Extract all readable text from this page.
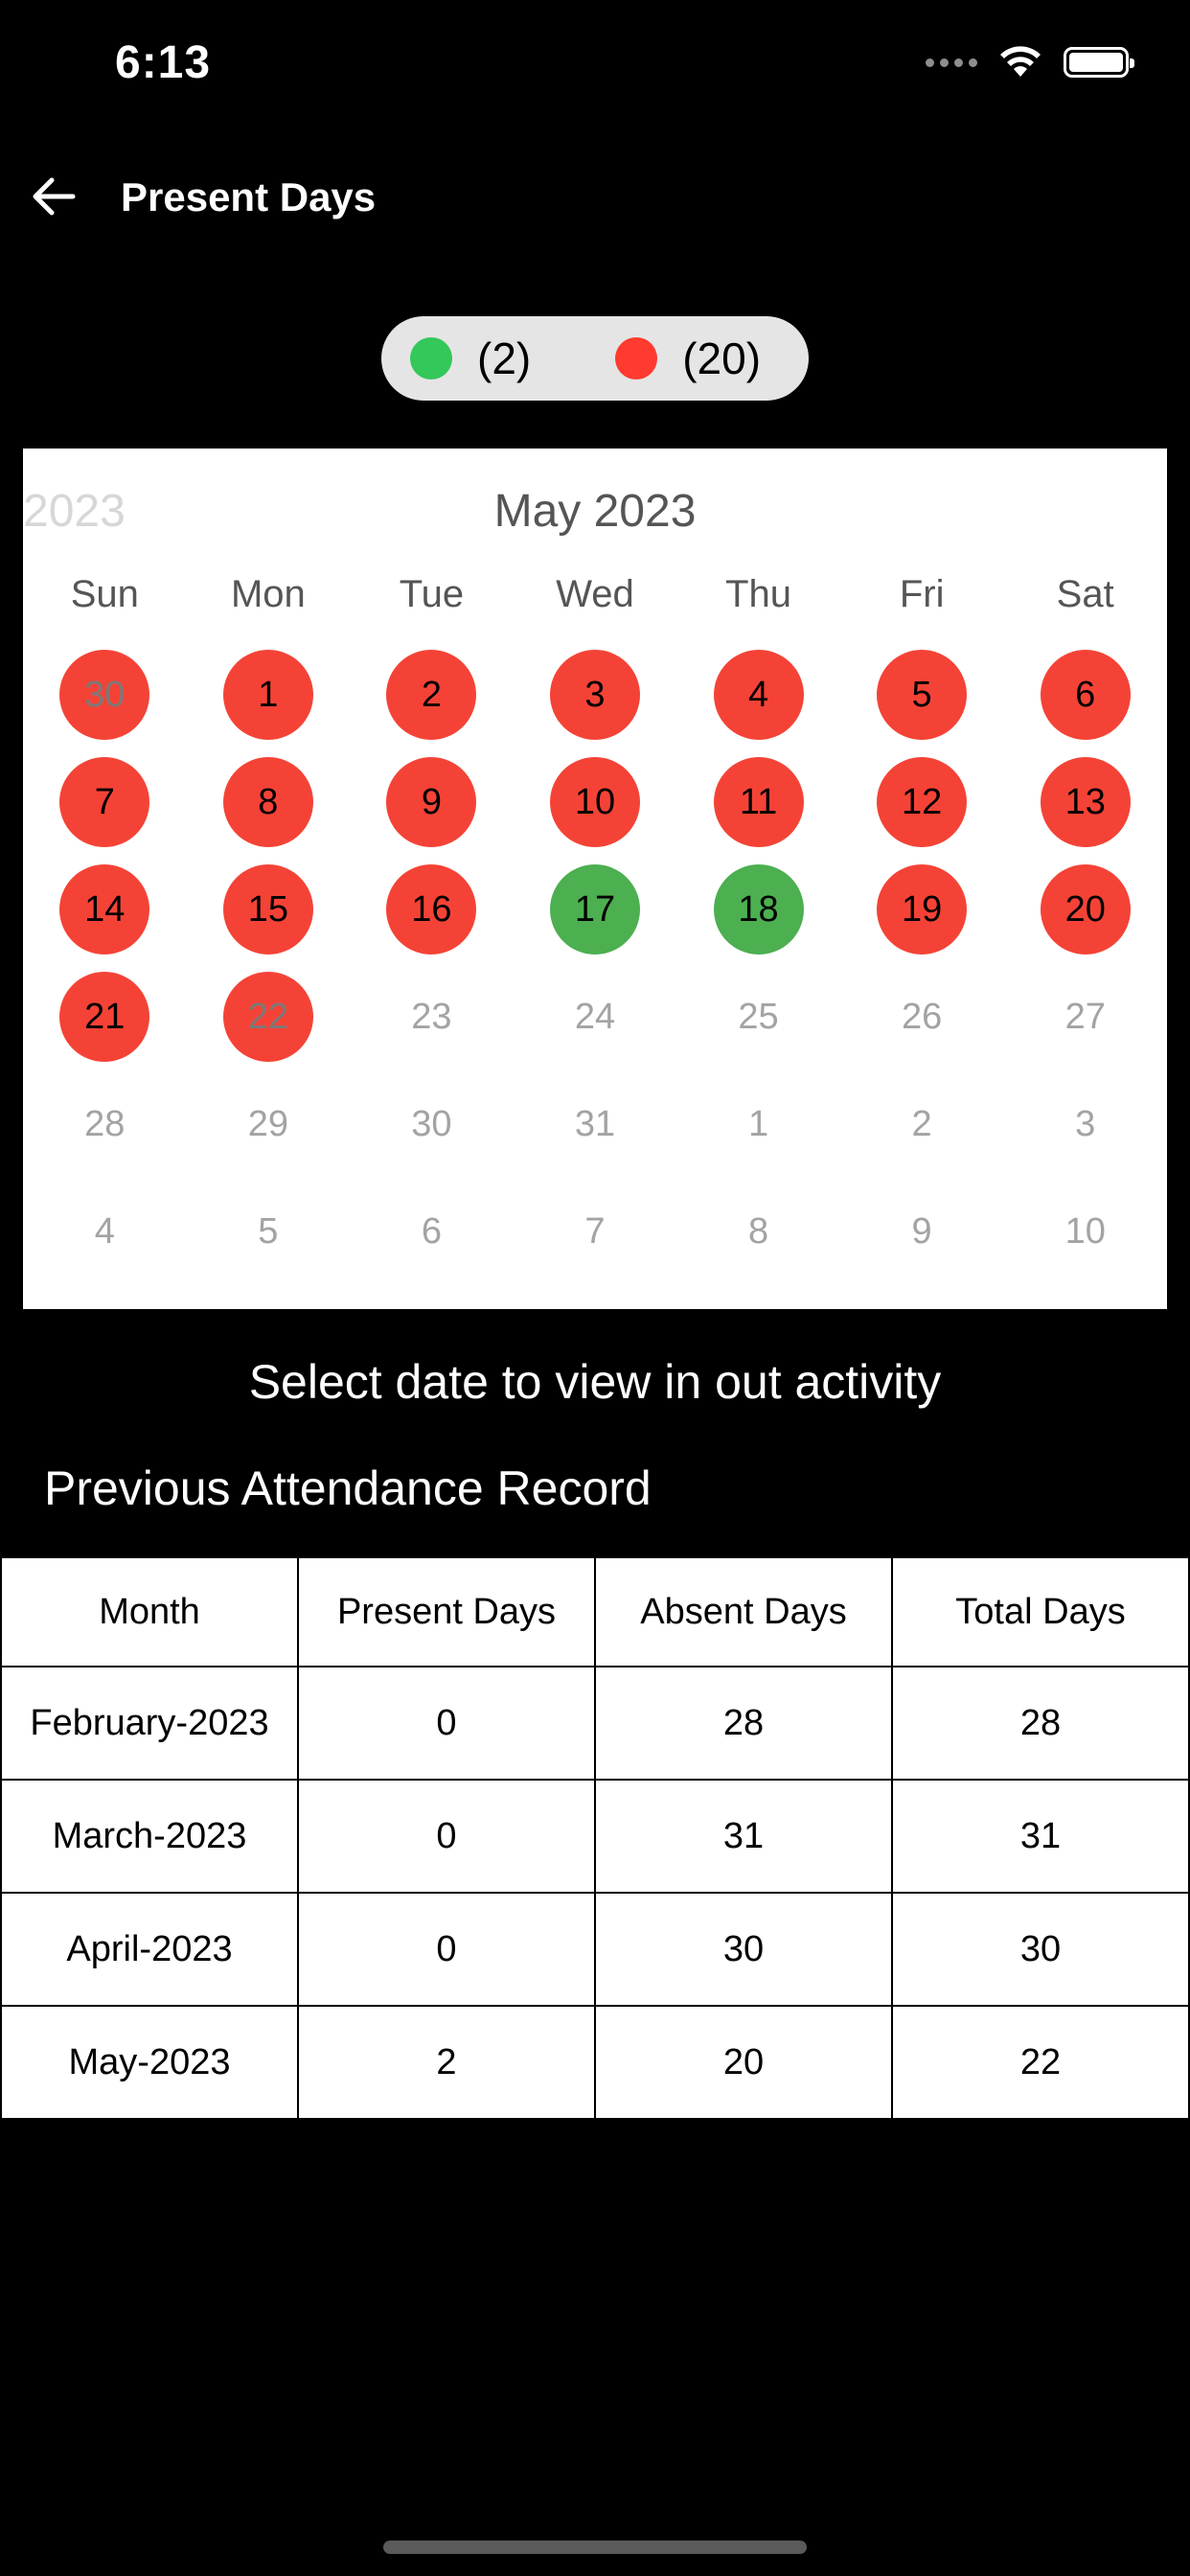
6:13
Present Days
(2)	(20)
2023	May 2023
Sun	Mon	Tue	Wed	Thu	Fri	Sat
30	1	2	3	4	5	6
7	8	9	10	11	12	13
14	15	16	17	18	19	20
21	22	23	24	25	26	27
28	29	30	31	1	2	3
4	5	6	7	8	9	10
Select date to view in out activity
Previous Attendance Record
Month	Present Days	Absent Days	Total Days
February-2023	0	28	28
March-2023	0	31	31
April-2023	0	30	30
May-2023	2	20	22
